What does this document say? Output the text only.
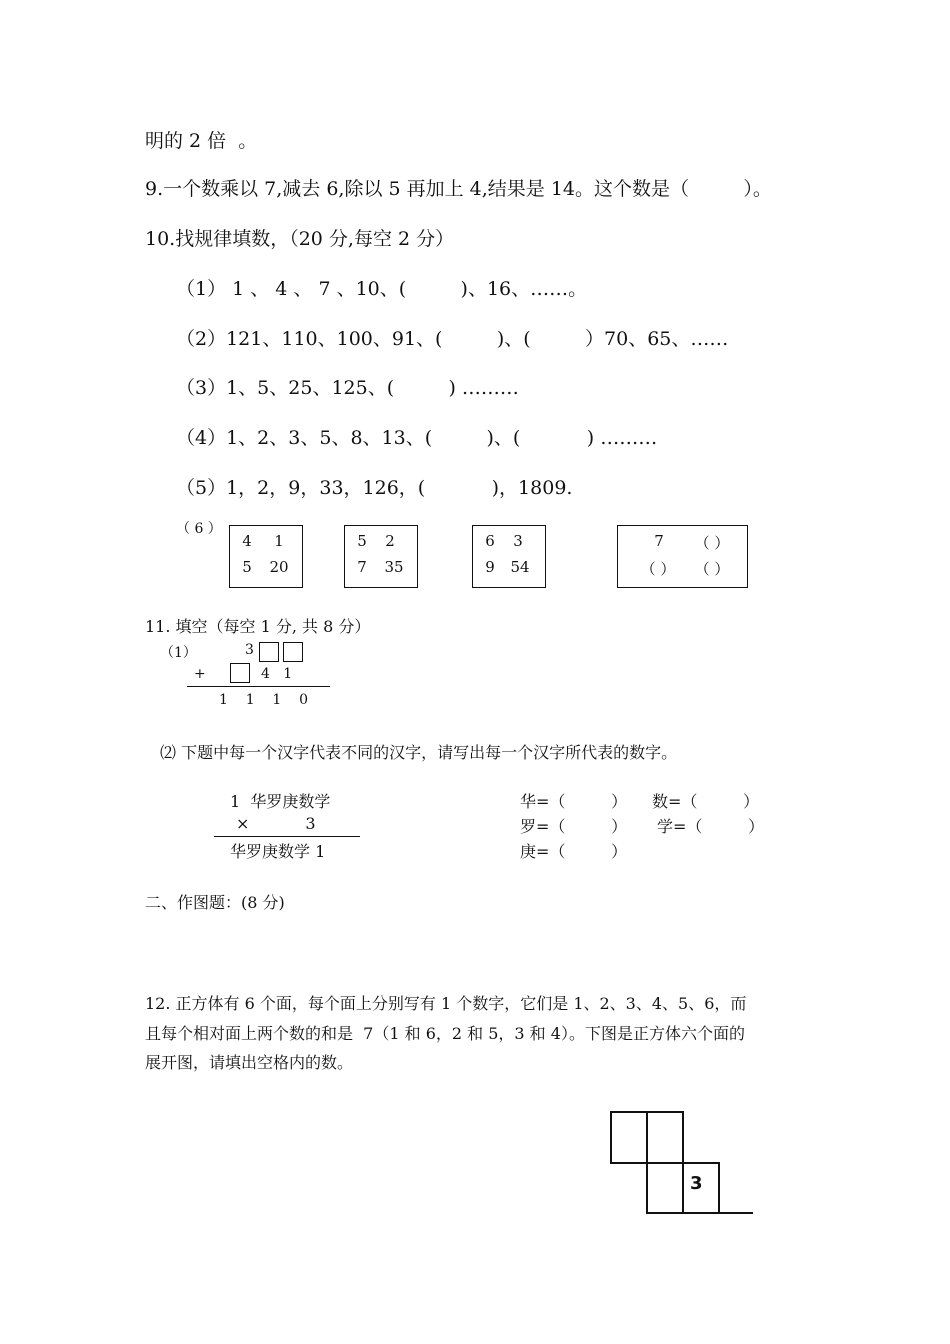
明的 2 倍  。
9.一个数乘以 7,减去 6,除以 5 再加上 4,结果是 14。这个数是（         ）。
10.找规律填数，（20 分,每空 2 分）
（1） 1 、 4 、 7 、10、(         )、16、……。
（2）121、110、100、91、(         )、(         ）70、65、……
（3）1、5、25、125、(         ) ………
（4）1、2、3、5、8、13、(         )、(           ) ………
（5）1，2，9，33，126，(           )，1809.
（ 6 ）
4 1
5	20
5 2
7	35
6 3
9	54
7	（ ）
（ ）	（ ）
11. 填空（每空 1 分, 共 8 分）
（1）	3
+	4   1
1    1    1    0
⑵ 下题中每一个汉字代表不同的汉字，请写出每一个汉字所代表的数字。
1  华罗庚数学
×           3
华罗庚数学 1
华=（         ） 数=（         ）
罗=（         ） 学=（         ）
庚=（         ）
二、作图题：(8 分)
12. 正方体有 6 个面，每个面上分别写有 1 个数字，它们是 1、2、3、4、5、6，而
且每个相对面上两个数的和是  7（1 和 6，2 和 5，3 和 4）。下图是正方体六个面的
展开图，请填出空格内的数。
3
